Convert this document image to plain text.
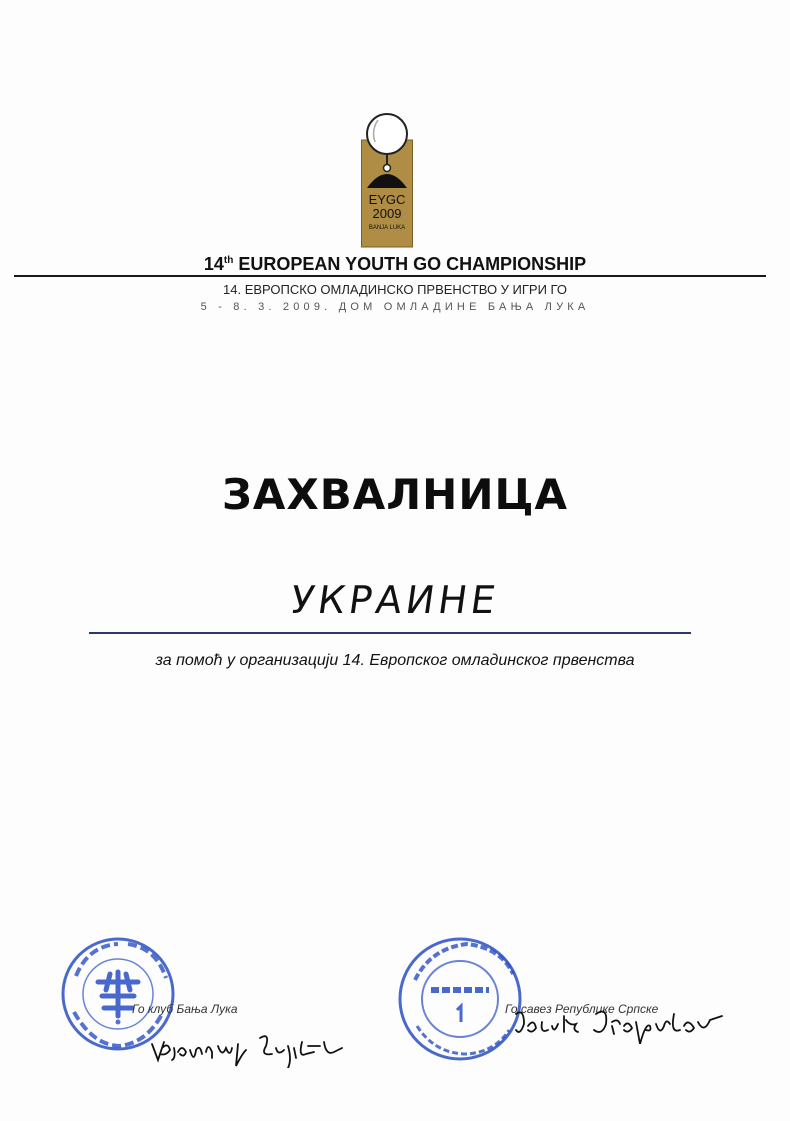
EYGC
2009
BANJA LUKA
14th EUROPEAN YOUTH GO CHAMPIONSHIP
14. ЕВРОПСКО ОМЛАДИНСКО ПРВЕНСТВО У ИГРИ ГО
5 - 8. 3. 2009. ДОМ ОМЛАДИНЕ БАЊА ЛУКА
ЗАХВАЛНИЦА
УКРАИНЕ
за помоћ у организацији 14. Европског омладинског првенства
Го клуб Бања Лука	Го савез Републике Српске
